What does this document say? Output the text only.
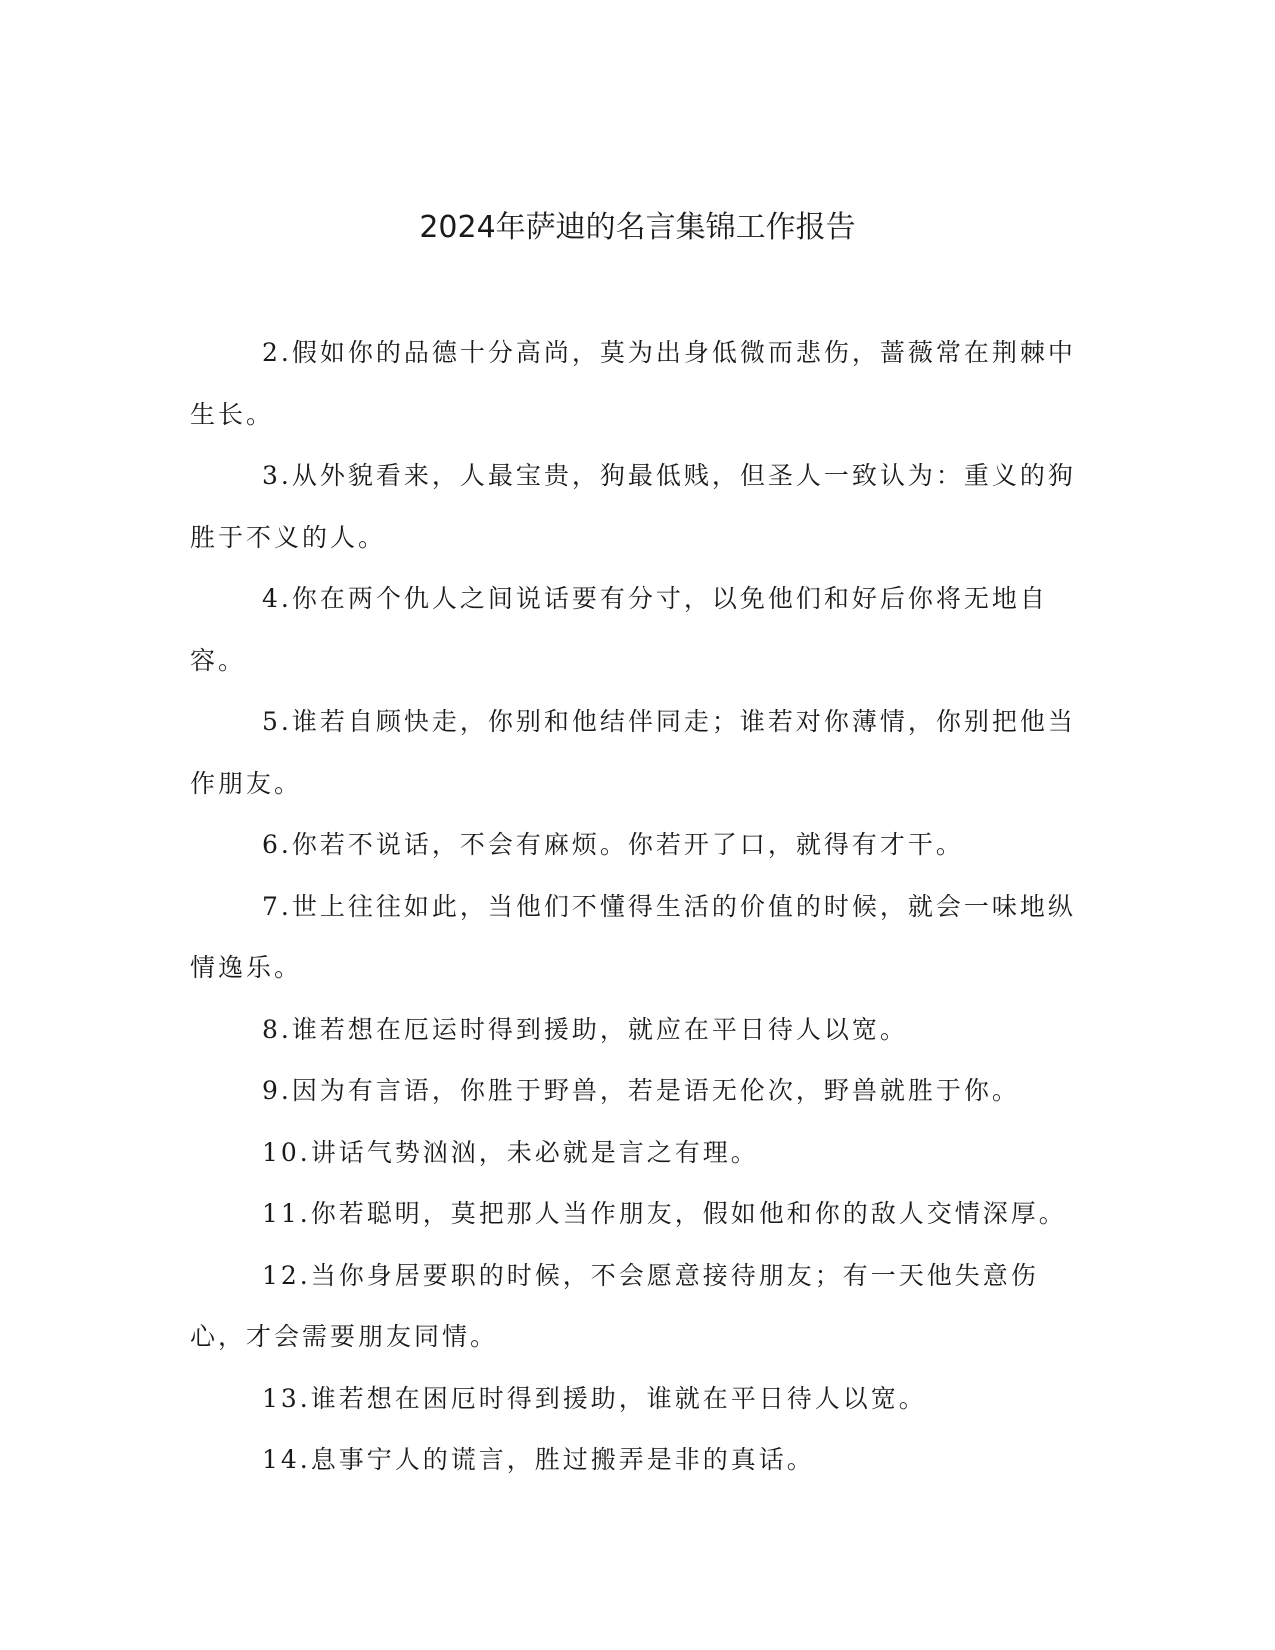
2024年萨迪的名言集锦工作报告

2.假如你的品德十分高尚，莫为出身低微而悲伤，蔷薇常在荆棘中生长。

3.从外貌看来，人最宝贵，狗最低贱，但圣人一致认为：重义的狗胜于不义的人。

4.你在两个仇人之间说话要有分寸，以免他们和好后你将无地自容。

5.谁若自顾快走，你别和他结伴同走；谁若对你薄情，你别把他当作朋友。

6.你若不说话，不会有麻烦。你若开了口，就得有才干。

7.世上往往如此，当他们不懂得生活的价值的时候，就会一味地纵情逸乐。

8.谁若想在厄运时得到援助，就应在平日待人以宽。

9.因为有言语，你胜于野兽，若是语无伦次，野兽就胜于你。

10.讲话气势汹汹，未必就是言之有理。

11.你若聪明，莫把那人当作朋友，假如他和你的敌人交情深厚。

12.当你身居要职的时候，不会愿意接待朋友；有一天他失意伤心，才会需要朋友同情。

13.谁若想在困厄时得到援助，谁就在平日待人以宽。

14.息事宁人的谎言，胜过搬弄是非的真话。
